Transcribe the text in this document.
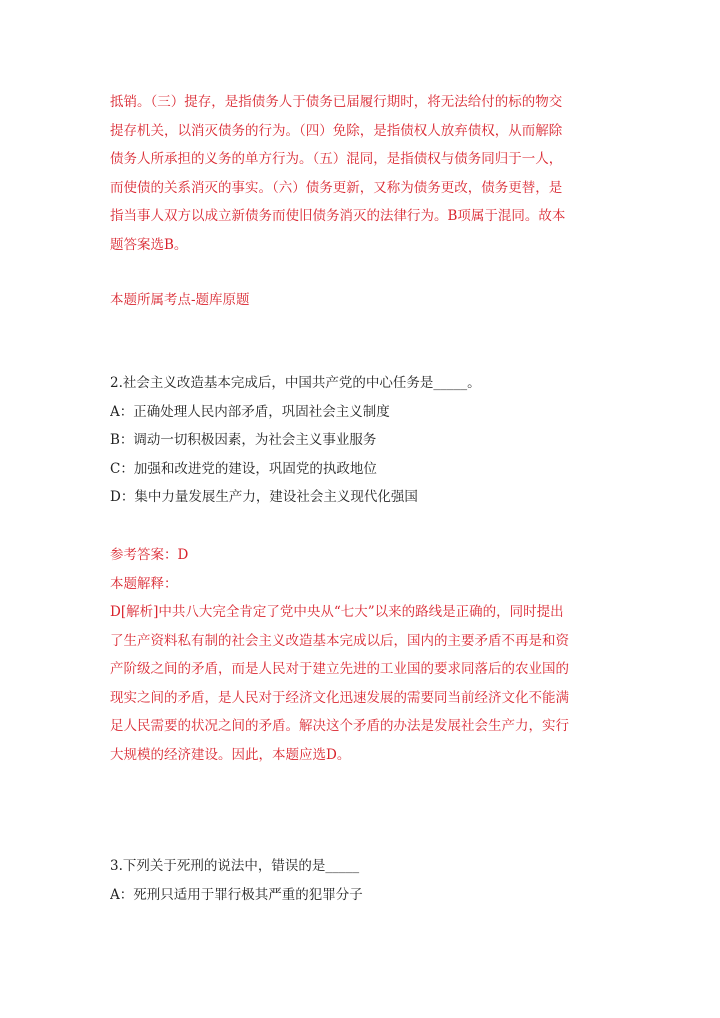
抵销。（三）提存，是指债务人于债务已届履行期时，将无法给付的标的物交
提存机关，以消灭债务的行为。（四）免除，是指债权人放弃债权，从而解除
债务人所承担的义务的单方行为。（五）混同，是指债权与债务同归于一人，
而使债的关系消灭的事实。（六）债务更新，又称为债务更改，债务更替，是
指当事人双方以成立新债务而使旧债务消灭的法律行为。B项属于混同。故本
题答案选B。
本题所属考点-题库原题
2.社会主义改造基本完成后，中国共产党的中心任务是_____。
A：正确处理人民内部矛盾，巩固社会主义制度
B：调动一切积极因素，为社会主义事业服务
C：加强和改进党的建设，巩固党的执政地位
D：集中力量发展生产力，建设社会主义现代化强国
参考答案：D
本题解释：
D[解析]中共八大完全肯定了党中央从“七大”以来的路线是正确的，同时提出
了生产资料私有制的社会主义改造基本完成以后，国内的主要矛盾不再是和资
产阶级之间的矛盾，而是人民对于建立先进的工业国的要求同落后的农业国的
现实之间的矛盾，是人民对于经济文化迅速发展的需要同当前经济文化不能满
足人民需要的状况之间的矛盾。解决这个矛盾的办法是发展社会生产力，实行
大规模的经济建设。因此，本题应选D。
3.下列关于死刑的说法中，错误的是_____
A：死刑只适用于罪行极其严重的犯罪分子
